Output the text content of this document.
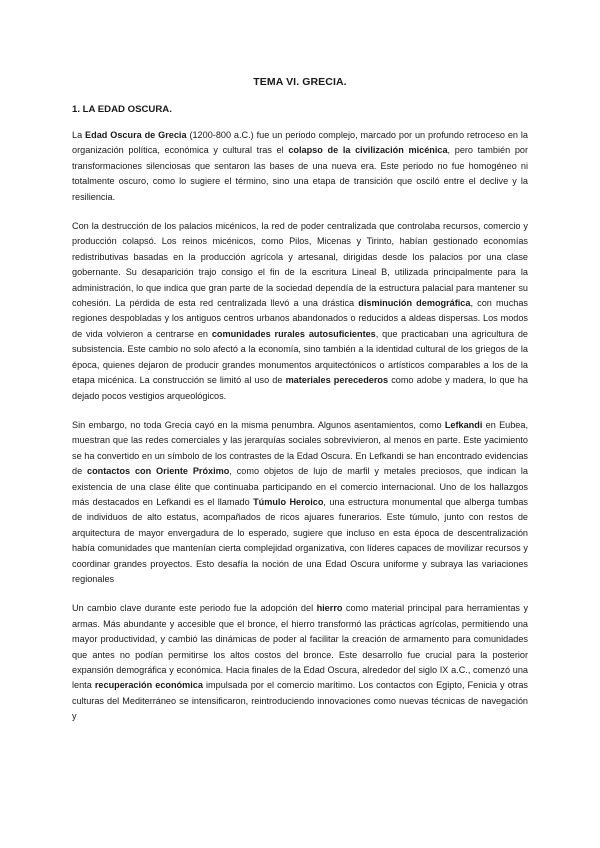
TEMA VI. GRECIA.
1. LA EDAD OSCURA.

La Edad Oscura de Grecia (1200-800 a.C.) fue un periodo complejo, marcado por un profundo retroceso en la organización política, económica y cultural tras el colapso de la civilización micénica, pero también por transformaciones silenciosas que sentaron las bases de una nueva era. Este periodo no fue homogéneo ni totalmente oscuro, como lo sugiere el término, sino una etapa de transición que osciló entre el declive y la resiliencia.

Con la destrucción de los palacios micénicos, la red de poder centralizada que controlaba recursos, comercio y producción colapsó. Los reinos micénicos, como Pilos, Micenas y Tirinto, habían gestionado economías redistributivas basadas en la producción agrícola y artesanal, dirigidas desde los palacios por una clase gobernante. Su desaparición trajo consigo el fin de la escritura Lineal B, utilizada principalmente para la administración, lo que indica que gran parte de la sociedad dependía de la estructura palacial para mantener su cohesión. La pérdida de esta red centralizada llevó a una drástica disminución demográfica, con muchas regiones despobladas y los antiguos centros urbanos abandonados o reducidos a aldeas dispersas. Los modos de vida volvieron a centrarse en comunidades rurales autosuficientes, que practicaban una agricultura de subsistencia. Este cambio no solo afectó a la economía, sino también a la identidad cultural de los griegos de la época, quienes dejaron de producir grandes monumentos arquitectónicos o artísticos comparables a los de la etapa micénica. La construcción se limitó al uso de materiales perecederos como adobe y madera, lo que ha dejado pocos vestigios arqueológicos.

Sin embargo, no toda Grecia cayó en la misma penumbra. Algunos asentamientos, como Lefkandi en Eubea, muestran que las redes comerciales y las jerarquías sociales sobrevivieron, al menos en parte. Este yacimiento se ha convertido en un símbolo de los contrastes de la Edad Oscura. En Lefkandi se han encontrado evidencias de contactos con Oriente Próximo, como objetos de lujo de marfil y metales preciosos, que indican la existencia de una clase élite que continuaba participando en el comercio internacional. Uno de los hallazgos más destacados en Lefkandi es el llamado Túmulo Heroico, una estructura monumental que alberga tumbas de individuos de alto estatus, acompañados de ricos ajuares funerarios. Este túmulo, junto con restos de arquitectura de mayor envergadura de lo esperado, sugiere que incluso en esta época de descentralización había comunidades que mantenían cierta complejidad organizativa, con líderes capaces de movilizar recursos y coordinar grandes proyectos. Esto desafía la noción de una Edad Oscura uniforme y subraya las variaciones regionales

Un cambio clave durante este periodo fue la adopción del hierro como material principal para herramientas y armas. Más abundante y accesible que el bronce, el hierro transformó las prácticas agrícolas, permitiendo una mayor productividad, y cambió las dinámicas de poder al facilitar la creación de armamento para comunidades que antes no podían permitirse los altos costos del bronce. Este desarrollo fue crucial para la posterior expansión demográfica y económica. Hacia finales de la Edad Oscura, alrededor del siglo IX a.C., comenzó una lenta recuperación económica impulsada por el comercio marítimo. Los contactos con Egipto, Fenicia y otras culturas del Mediterráneo se intensificaron, reintroduciendo innovaciones como nuevas técnicas de navegación y
